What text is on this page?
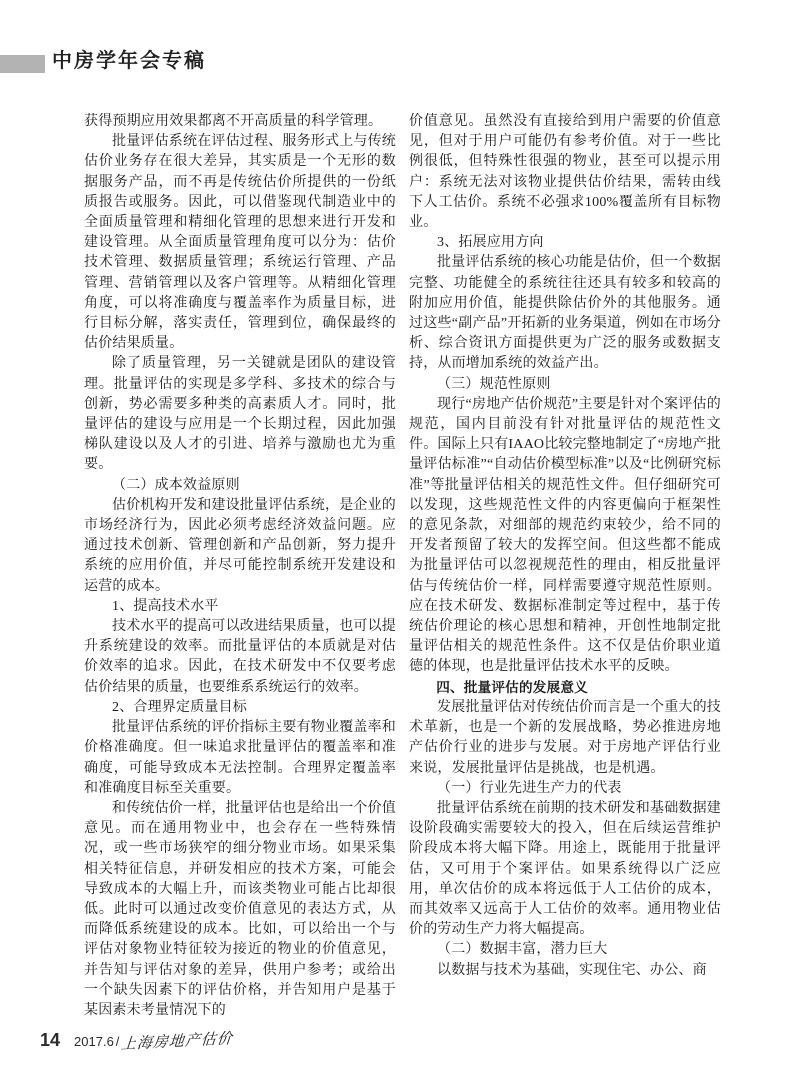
中房学年会专稿

获得预期应用效果都离不开高质量的科学管理。

批量评估系统在评估过程、服务形式上与传统估价业务存在很大差异，其实质是一个无形的数据服务产品，而不再是传统估价所提供的一份纸质报告或服务。因此，可以借鉴现代制造业中的全面质量管理和精细化管理的思想来进行开发和建设管理。从全面质量管理角度可以分为：估价技术管理、数据质量管理；系统运行管理、产品管理、营销管理以及客户管理等。从精细化管理角度，可以将准确度与覆盖率作为质量目标，进行目标分解，落实责任，管理到位，确保最终的估价结果质量。

除了质量管理，另一关键就是团队的建设管理。批量评估的实现是多学科、多技术的综合与创新，势必需要多种类的高素质人才。同时，批量评估的建设与应用是一个长期过程，因此加强梯队建设以及人才的引进、培养与激励也尤为重要。

（二）成本效益原则

估价机构开发和建设批量评估系统，是企业的市场经济行为，因此必须考虑经济效益问题。应通过技术创新、管理创新和产品创新，努力提升系统的应用价值，并尽可能控制系统开发建设和运营的成本。

1、提高技术水平

技术水平的提高可以改进结果质量，也可以提升系统建设的效率。而批量评估的本质就是对估价效率的追求。因此，在技术研发中不仅要考虑估价结果的质量，也要维系系统运行的效率。

2、合理界定质量目标

批量评估系统的评价指标主要有物业覆盖率和价格准确度。但一味追求批量评估的覆盖率和准确度，可能导致成本无法控制。合理界定覆盖率和准确度目标至关重要。

和传统估价一样，批量评估也是给出一个价值意见。而在通用物业中，也会存在一些特殊情况，或一些市场狭窄的细分物业市场。如果采集相关特征信息，并研发相应的技术方案，可能会导致成本的大幅上升，而该类物业可能占比却很低。此时可以通过改变价值意见的表达方式，从而降低系统建设的成本。比如，可以给出一个与评估对象物业特征较为接近的物业的价值意见，并告知与评估对象的差异，供用户参考；或给出一个缺失因素下的评估价格，并告知用户是基于某因素未考量情况下的

价值意见。虽然没有直接给到用户需要的价值意见，但对于用户可能仍有参考价值。对于一些比例很低，但特殊性很强的物业，甚至可以提示用户：系统无法对该物业提供估价结果，需转由线下人工估价。系统不必强求100%覆盖所有目标物业。

3、拓展应用方向

批量评估系统的核心功能是估价，但一个数据完整、功能健全的系统往往还具有较多和较高的附加应用价值，能提供除估价外的其他服务。通过这些“副产品”开拓新的业务渠道，例如在市场分析、综合资讯方面提供更为广泛的服务或数据支持，从而增加系统的效益产出。

（三）规范性原则

现行“房地产估价规范”主要是针对个案评估的规范，国内目前没有针对批量评估的规范性文件。国际上只有IAAO比较完整地制定了“房地产批量评估标准”“自动估价模型标准”以及“比例研究标准”等批量评估相关的规范性文件。但仔细研究可以发现，这些规范性文件的内容更偏向于框架性的意见条款，对细部的规范约束较少，给不同的开发者预留了较大的发挥空间。但这些都不能成为批量评估可以忽视规范性的理由，相反批量评估与传统估价一样，同样需要遵守规范性原则。应在技术研发、数据标准制定等过程中，基于传统估价理论的核心思想和精神，开创性地制定批量评估相关的规范性条件。这不仅是估价职业道德的体现，也是批量评估技术水平的反映。

四、批量评估的发展意义

发展批量评估对传统估价而言是一个重大的技术革新，也是一个新的发展战略，势必推进房地产估价行业的进步与发展。对于房地产评估行业来说，发展批量评估是挑战，也是机遇。

（一）行业先进生产力的代表

批量评估系统在前期的技术研发和基础数据建设阶段确实需要较大的投入，但在后续运营维护阶段成本将大幅下降。用途上，既能用于批量评估，又可用于个案评估。如果系统得以广泛应用，单次估价的成本将远低于人工估价的成本，而其效率又远高于人工估价的效率。通用物业估价的劳动生产力将大幅提高。

（二）数据丰富，潜力巨大

以数据与技术为基础，实现住宅、办公、商

14 2017.6 / 上海房地产估价
